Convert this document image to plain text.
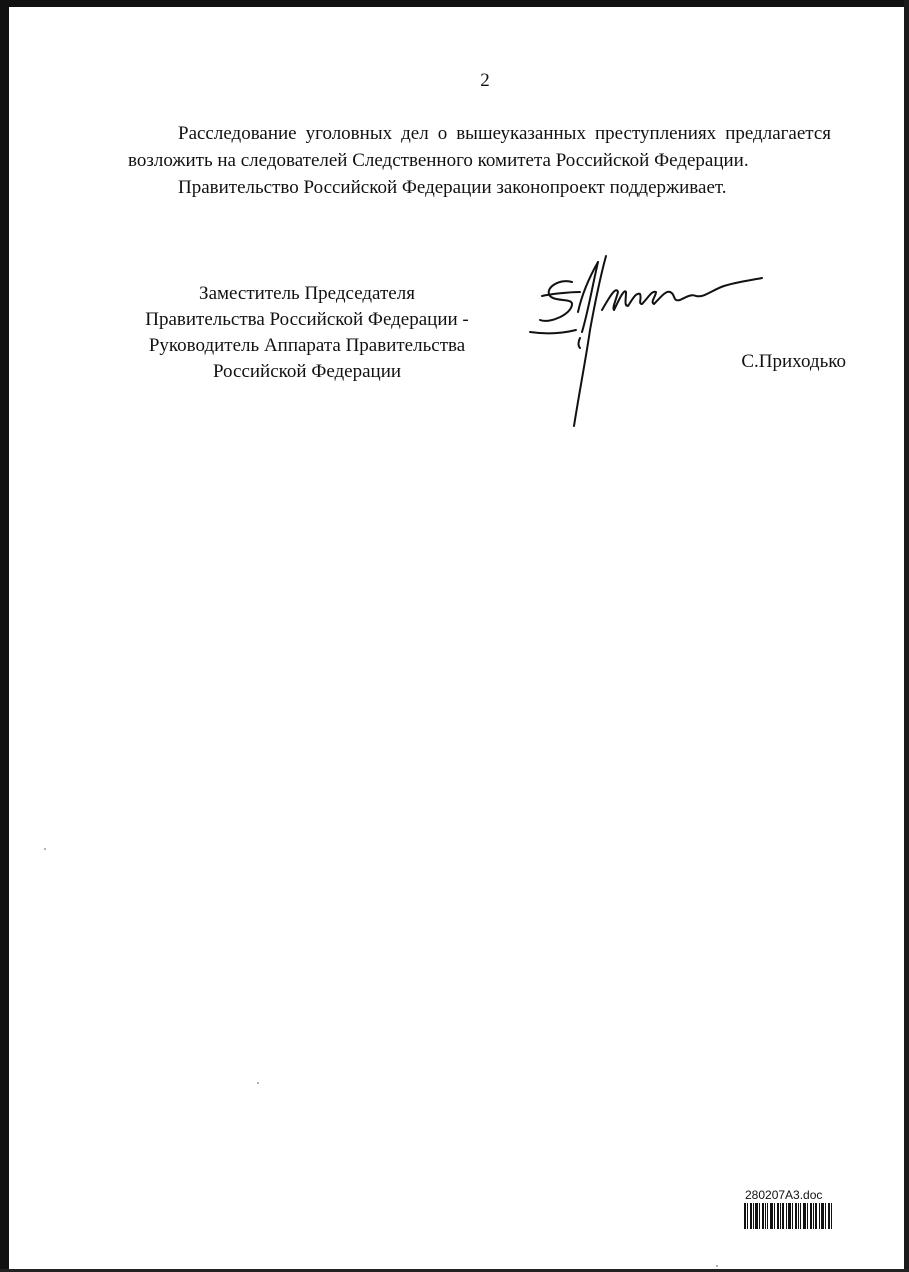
2

Расследование уголовных дел о вышеуказанных преступлениях предлагается возложить на следователей Следственного комитета Российской Федерации.

Правительство Российской Федерации законопроект поддерживает.

Заместитель Председателя
Правительства Российской Федерации -
Руководитель Аппарата Правительства
Российской Федерации	С.Приходько
280207A3.doc
